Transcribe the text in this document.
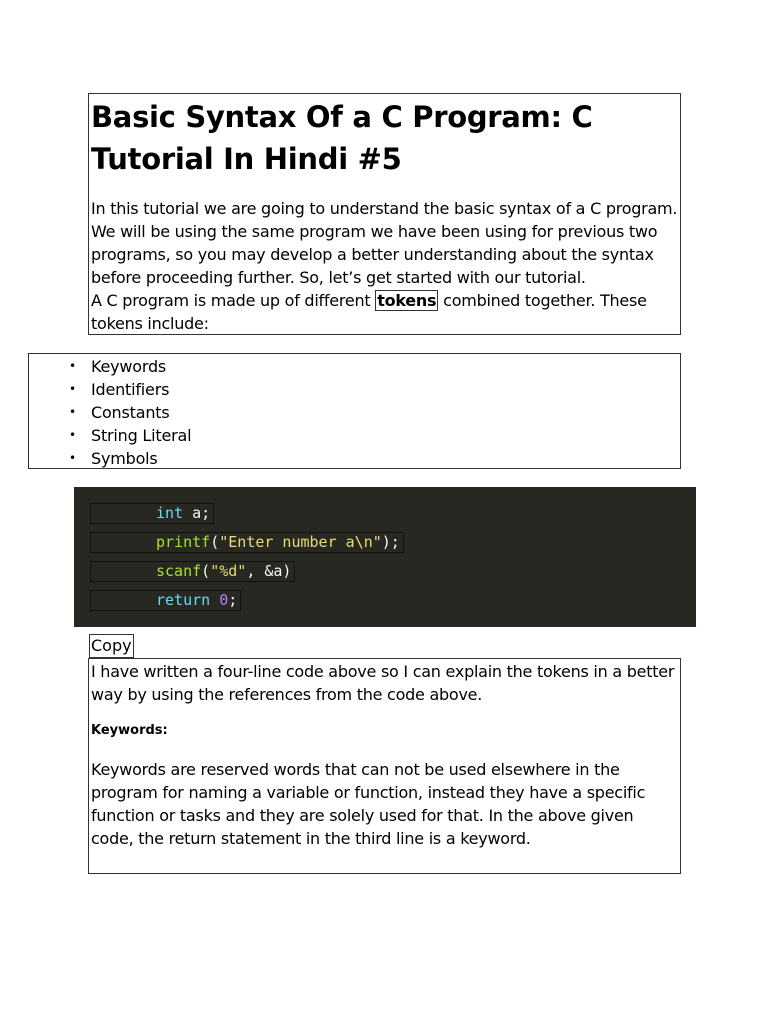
Basic Syntax Of a C Program: C Tutorial In Hindi #5

In this tutorial we are going to understand the basic syntax of a C program. We will be using the same program we have been using for previous two programs, so you may develop a better understanding about the syntax before proceeding further. So, let’s get started with our tutorial.

A C program is made up of different tokens combined together. These tokens include:

• Keywords
• Identifiers
• Constants
• String Literal
• Symbols
int a;
printf("Enter number a\n");
scanf("%d", &a)
return 0;
Copy

I have written a four-line code above so I can explain the tokens in a better way by using the references from the code above.

Keywords:

Keywords are reserved words that can not be used elsewhere in the program for naming a variable or function, instead they have a specific function or tasks and they are solely used for that. In the above given code, the return statement in the third line is a keyword.
